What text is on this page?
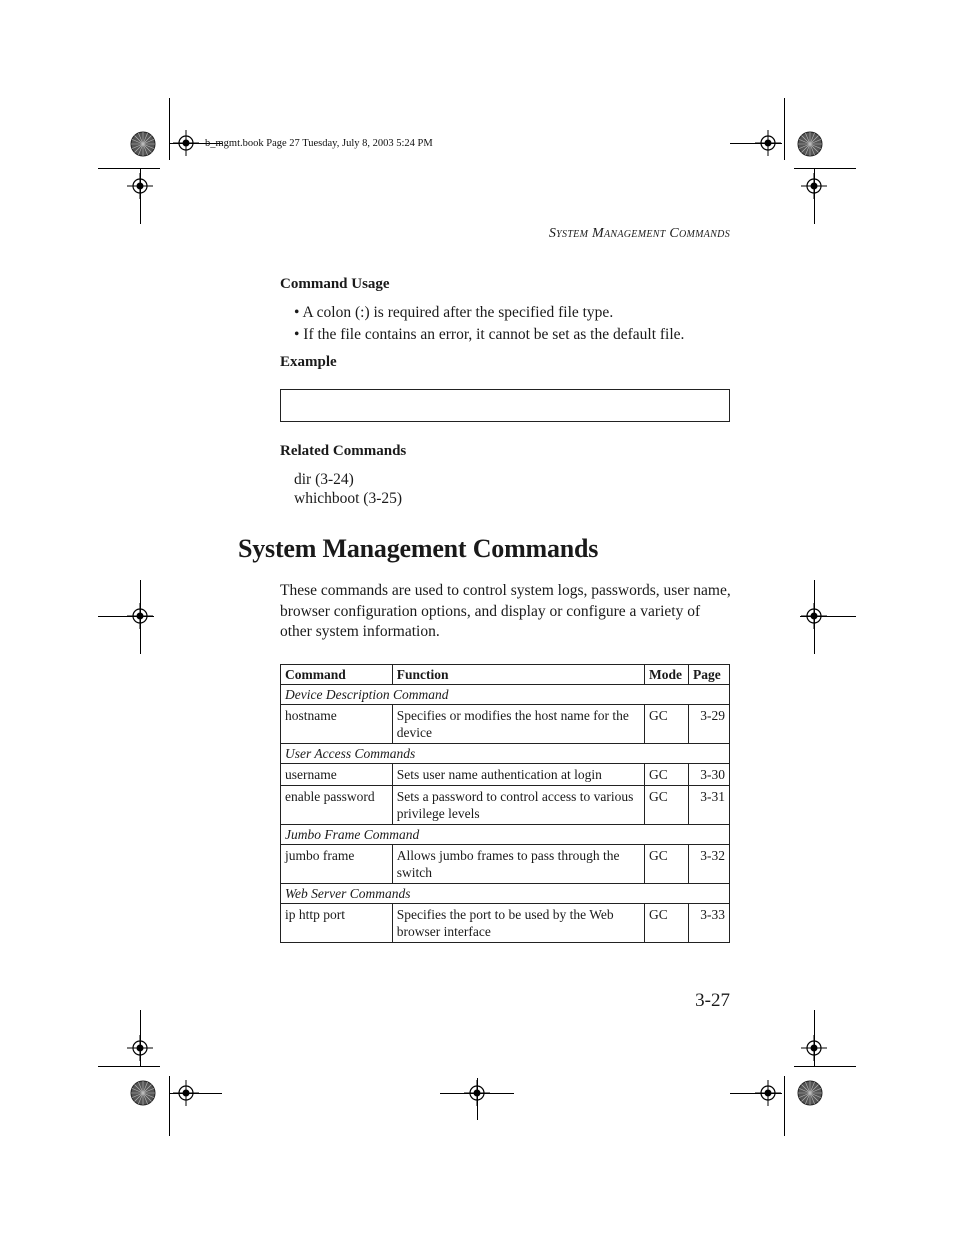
b_mgmt.book Page 27 Tuesday, July 8, 2003 5:24 PM
System Management Commands
Command Usage
• A colon (:) is required after the specified file type.
• If the file contains an error, it cannot be set as the default file.
Example
Related Commands
dir (3-24)
whichboot (3-25)
System Management Commands
These commands are used to control system logs, passwords, user name, browser configuration options, and display or configure a variety of other system information.
Command	Function	Mode	Page
Device Description Command			
hostname	Specifies or modifies the host name for the device	GC	3-29
User Access Commands			
username	Sets user name authentication at login	GC	3-30
enable password	Sets a password to control access to various privilege levels	GC	3-31
Jumbo Frame Command			
jumbo frame	Allows jumbo frames to pass through the switch	GC	3-32
Web Server Commands			
ip http port	Specifies the port to be used by the Web browser interface	GC	3-33
3-27
